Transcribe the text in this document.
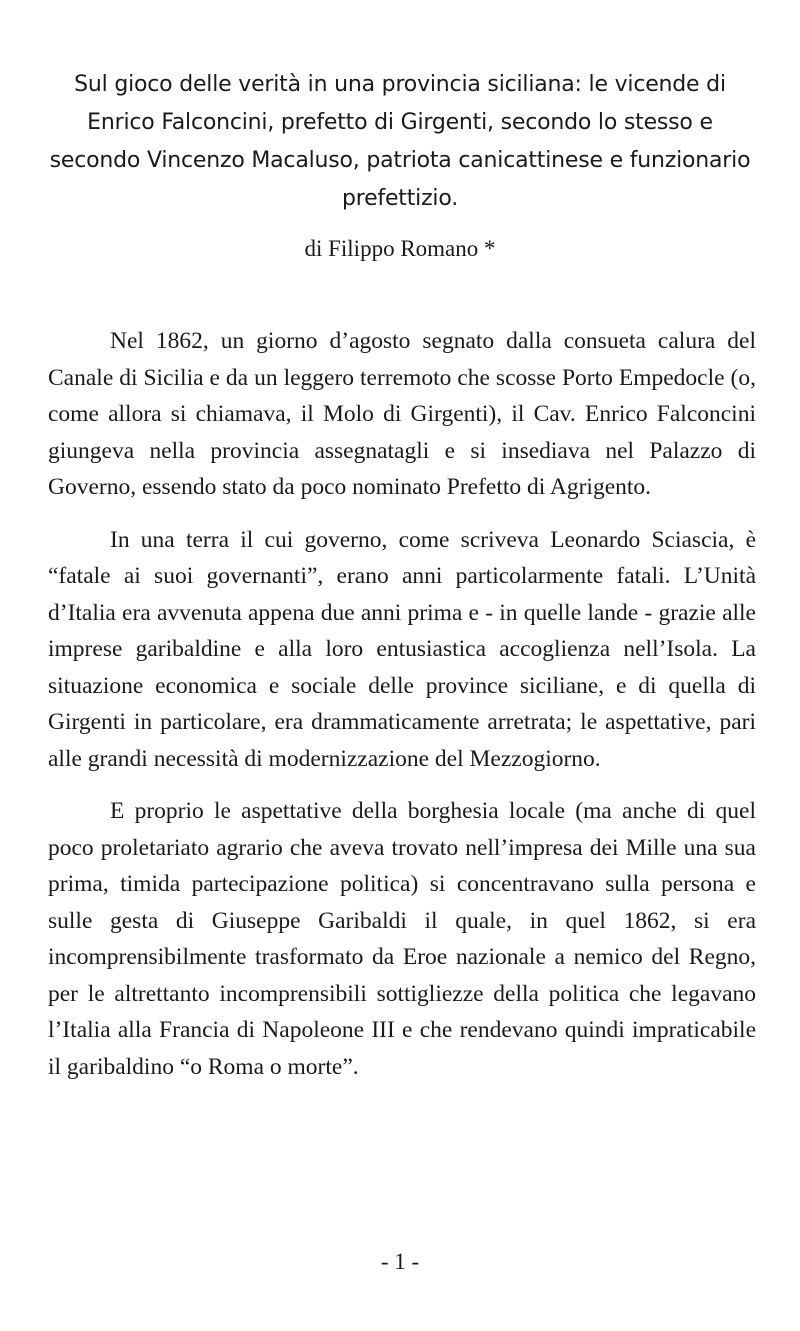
Sul gioco delle verità in una provincia siciliana: le vicende di Enrico Falconcini, prefetto di Girgenti, secondo lo stesso e secondo Vincenzo Macaluso, patriota canicattinese e funzionario prefettizio.
di Filippo Romano *

Nel 1862, un giorno d’agosto segnato dalla consueta calura del Canale di Sicilia e da un leggero terremoto che scosse Porto Empedocle (o, come allora si chiamava, il Molo di Girgenti), il Cav. Enrico Falconcini giungeva nella provincia assegnatagli e si insediava nel Palazzo di Governo, essendo stato da poco nominato Prefetto di Agrigento.

In una terra il cui governo, come scriveva Leonardo Sciascia, è “fatale ai suoi governanti”, erano anni particolarmente fatali. L’Unità d’Italia era avvenuta appena due anni prima e - in quelle lande - grazie alle imprese garibaldine e alla loro entusiastica accoglienza nell’Isola. La situazione economica e sociale delle province siciliane, e di quella di Girgenti in particolare, era drammaticamente arretrata; le aspettative, pari alle grandi necessità di modernizzazione del Mezzogiorno.

E proprio le aspettative della borghesia locale (ma anche di quel poco proletariato agrario che aveva trovato nell’impresa dei Mille una sua prima, timida partecipazione politica) si concentravano sulla persona e sulle gesta di Giuseppe Garibaldi il quale, in quel 1862, si era incomprensibilmente trasformato da Eroe nazionale a nemico del Regno, per le altrettanto incomprensibili sottigliezze della politica che legavano l’Italia alla Francia di Napoleone III e che rendevano quindi impraticabile il garibaldino “o Roma o morte”.

- 1 -
